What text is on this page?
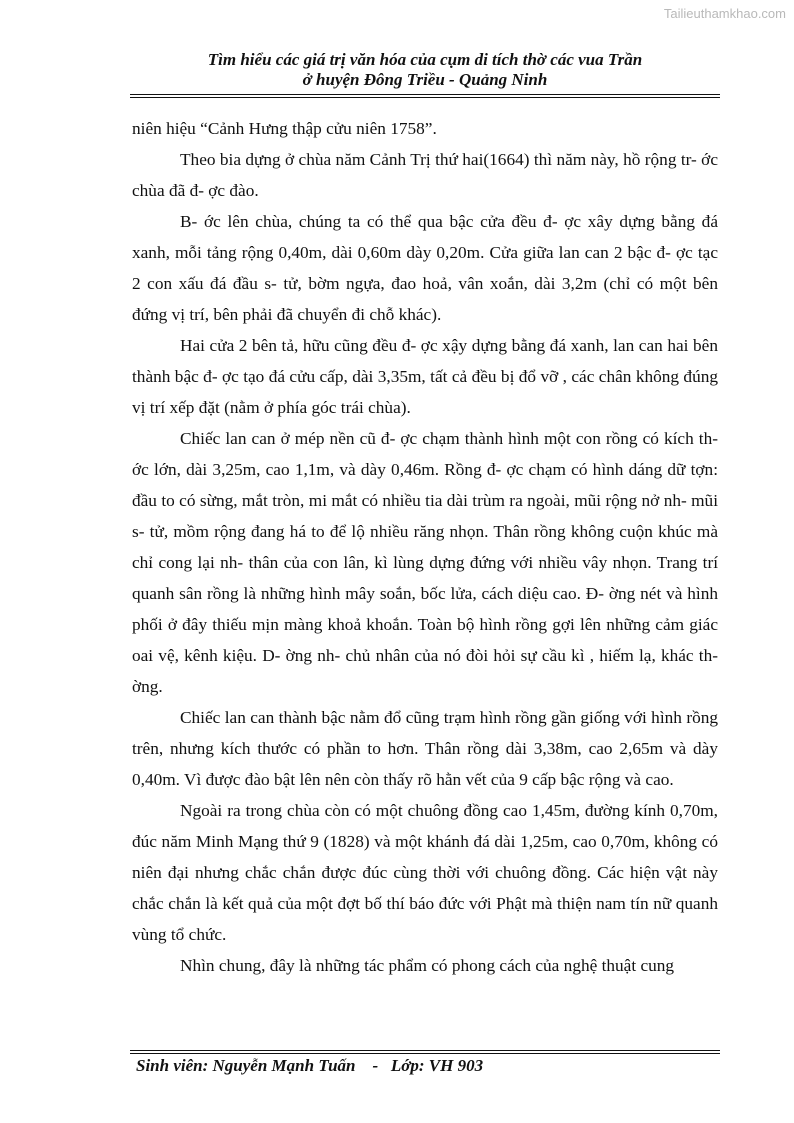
Tailieuthamkhao.com
Tìm hiểu các giá trị văn hóa của cụm di tích thờ các vua Trần
ở huyện Đông Triều - Quảng Ninh

niên hiệu “Cảnh Hưng thập cửu niên 1758”.

Theo bia dựng ở chùa năm Cảnh Trị thứ hai(1664) thì năm này, hồ rộng tr- ớc chùa đã đ- ợc đào.

B- ớc lên chùa, chúng ta có thể qua bậc cửa đều đ- ợc xây dựng bằng đá xanh, mỗi tảng rộng 0,40m, dài 0,60m dày 0,20m. Cửa giữa lan can 2 bậc đ- ợc tạc 2 con xấu đá đầu s- tử, bờm ngựa, đao hoả, vân xoắn, dài 3,2m (chỉ có một bên đứng vị trí, bên phải đã chuyển đi chỗ khác).

Hai cửa 2 bên tả, hữu cũng đều đ- ợc xậy dựng bằng đá xanh, lan can hai bên thành bậc đ- ợc tạo đá cửu cấp, dài 3,35m, tất cả đều bị đổ vỡ , các chân không đúng vị trí xếp đặt (nằm ở phía góc trái chùa).

Chiếc lan can ở mép nền cũ đ- ợc chạm thành hình một con rồng có kích th- ớc lớn, dài 3,25m, cao 1,1m, và dày 0,46m. Rồng đ- ợc chạm có hình dáng dữ tợn: đầu to có sừng, mắt tròn, mi mắt có nhiều tia dài trùm ra ngoài, mũi rộng nở nh- mũi s- tử, mồm rộng đang há to để lộ nhiều răng nhọn. Thân rồng không cuộn khúc mà chỉ cong lại nh- thân của con lân, kì lùng dựng đứng với nhiều vây nhọn. Trang trí quanh sân rồng là những hình mây soắn, bốc lửa, cách diệu cao. Đ- ờng nét và hình phối ở đây thiếu mịn màng khoả khoắn. Toàn bộ hình rồng gợi lên những cảm giác oai vệ, kênh kiệu. D- ờng nh- chủ nhân của nó đòi hỏi sự cầu kì , hiếm lạ, khác th- ờng.

Chiếc lan can thành bậc nằm đổ cũng trạm hình rồng gần giống với hình rồng trên, nhưng kích thước có phần to hơn. Thân rồng dài 3,38m, cao 2,65m và dày 0,40m. Vì được đào bật lên nên còn thấy rõ hằn vết của 9 cấp bậc rộng và cao.

Ngoài ra trong chùa còn có một chuông đồng cao 1,45m, đường kính 0,70m, đúc năm Minh Mạng thứ 9 (1828) và một khánh đá dài 1,25m, cao 0,70m, không có niên đại nhưng chắc chắn được đúc cùng thời với chuông đồng. Các hiện vật này chắc chắn là kết quả của một đợt bố thí báo đức với Phật mà thiện nam tín nữ quanh vùng tổ chức.

Nhìn chung, đây là những tác phẩm có phong cách của nghệ thuật cung

Sinh viên: Nguyễn Mạnh Tuấn    -   Lớp: VH 903
